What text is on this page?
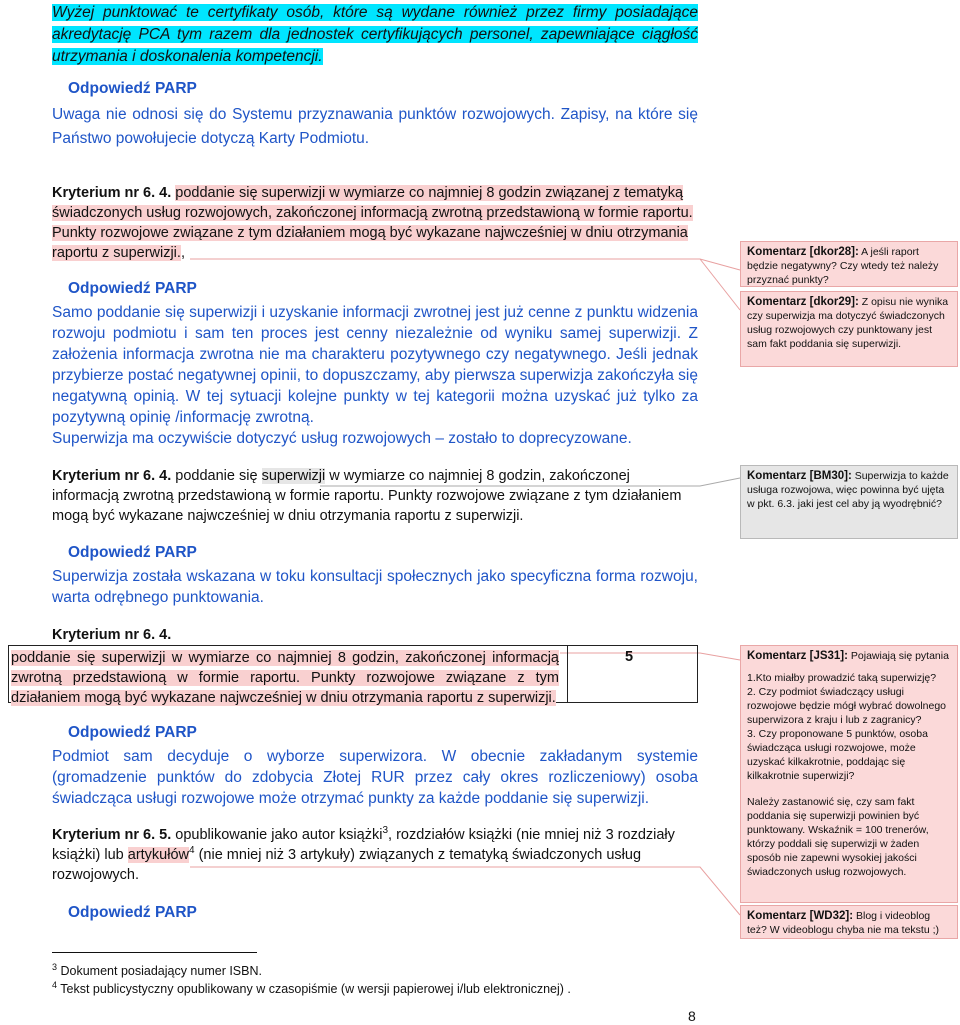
Wyżej punktować te certyfikaty osób, które są wydane również przez firmy posiadające akredytację PCA tym razem dla jednostek certyfikujących personel, zapewniające ciągłość utrzymania i doskonalenia kompetencji.
Odpowiedź PARP
Uwaga nie odnosi się do Systemu przyznawania punktów rozwojowych. Zapisy, na które się Państwo powołujecie dotyczą Karty Podmiotu.
Kryterium nr 6. 4. poddanie się superwizji w wymiarze co najmniej 8 godzin związanej z tematyką świadczonych usług rozwojowych, zakończonej informacją zwrotną przedstawioną w formie raportu. Punkty rozwojowe związane z tym działaniem mogą być wykazane najwcześniej w dniu otrzymania raportu z superwizji.,
Odpowiedź PARP
Samo poddanie się superwizji i uzyskanie informacji zwrotnej jest już cenne z punktu widzenia rozwoju podmiotu i sam ten proces jest cenny niezależnie od wyniku samej superwizji. Z założenia informacja zwrotna nie ma charakteru pozytywnego czy negatywnego. Jeśli jednak przybierze postać negatywnej opinii, to dopuszczamy, aby pierwsza superwizja zakończyła się negatywną opinią. W tej sytuacji kolejne punkty w tej kategorii można uzyskać już tylko za pozytywną opinię /informację zwrotną.
Superwizja ma oczywiście dotyczyć usług rozwojowych – zostało to doprecyzowane.
Kryterium nr 6. 4. poddanie się superwizji w wymiarze co najmniej 8 godzin, zakończonej informacją zwrotną przedstawioną w formie raportu. Punkty rozwojowe związane z tym działaniem mogą być wykazane najwcześniej w dniu otrzymania raportu z superwizji.
Odpowiedź PARP
Superwizja została wskazana w toku konsultacji społecznych jako specyficzna forma rozwoju, warta odrębnego punktowania.
Kryterium nr 6. 4.
poddanie się superwizji w wymiarze co najmniej 8 godzin, zakończonej informacją zwrotną przedstawioną w formie raportu. Punkty rozwojowe związane z tym działaniem mogą być wykazane najwcześniej w dniu otrzymania raportu z superwizji.
5
Odpowiedź PARP
Podmiot sam decyduje o wyborze superwizora. W obecnie zakładanym systemie (gromadzenie punktów do zdobycia Złotej RUR przez cały okres rozliczeniowy) osoba świadcząca usługi rozwojowe może otrzymać punkty za każde poddanie się superwizji.
Kryterium nr 6. 5. opublikowanie jako autor książki$^3$, rozdziałów książki (nie mniej niż 3 rozdziały książki) lub artykułów$^4$ (nie mniej niż 3 artykuły) związanych z tematyką świadczonych usług rozwojowych.
Odpowiedź PARP
$^3$ Dokument posiadający numer ISBN.
$^4$ Tekst publicystyczny opublikowany w czasopiśmie (w wersji papierowej i/lub elektronicznej) .
8
Komentarz [dkor28]: A jeśli raport będzie negatywny? Czy wtedy też należy przyznać punkty?
Komentarz [dkor29]: Z opisu nie wynika czy superwizja ma dotyczyć świadczonych usług rozwojowych czy punktowany jest sam fakt poddania się superwizji.
Komentarz [BM30]: Superwizja to każde usługa rozwojowa, więc powinna być ujęta w pkt. 6.3. jaki jest cel aby ją wyodrębnić?
Komentarz [JS31]: Pojawiają się pytania
1.Kto miałby prowadzić taką superwizję?
2. Czy podmiot świadczący usługi rozwojowe będzie mógł wybrać dowolnego superwizora z kraju i lub z zagranicy?
3. Czy proponowane 5 punktów, osoba świadcząca usługi rozwojowe, może uzyskać kilkakrotnie, poddając się kilkakrotnie superwizji?
Należy zastanowić się, czy sam fakt poddania się superwizji powinien być punktowany. Wskaźnik = 100 trenerów, którzy poddali się superwizji w żaden sposób nie zapewni wysokiej jakości świadczonych usług rozwojowych.
Komentarz [WD32]: Blog i videoblog też? W videoblogu chyba nie ma tekstu ;)
